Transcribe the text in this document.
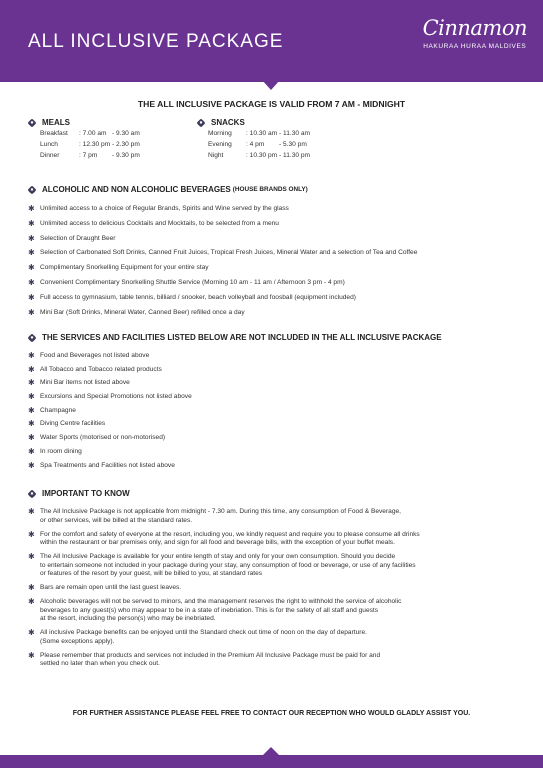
ALL INCLUSIVE PACKAGE
Cinnamon
HAKURAA HURAA MALDIVES
THE ALL INCLUSIVE PACKAGE IS VALID FROM 7 AM - MIDNIGHT
MEALS
Breakfast : 7.00 am   - 9.30 am
Lunch	: 12.30 pm - 2.30 pm
Dinner	: 7 pm        - 9.30 pm
SNACKS
Morning : 10.30 am - 11.30 am
Evening : 4 pm        - 5.30 pm
Night	: 10.30 pm - 11.30 pm
ALCOHOLIC AND NON ALCOHOLIC BEVERAGES (HOUSE BRANDS ONLY)
✱ Unlimited access to a choice of Regular Brands, Spirits and Wine served by the glass
✱ Unlimited access to delicious Cocktails and Mocktails, to be selected from a menu
✱ Selection of Draught Beer
✱ Selection of Carbonated Soft Drinks, Canned Fruit Juices, Tropical Fresh Juices, Mineral Water and a selection of Tea and Coffee
✱ Complimentary Snorkelling Equipment for your entire stay
✱ Convenient Complimentary Snorkelling Shuttle Service (Morning 10 am - 11 am / Afternoon 3 pm - 4 pm)
✱ Full access to gymnasium, table tennis, billiard / snooker, beach volleyball and foosball (equipment included)
✱ Mini Bar (Soft Drinks, Mineral Water, Canned Beer) refilled once a day
THE SERVICES AND FACILITIES LISTED BELOW ARE NOT INCLUDED IN THE ALL INCLUSIVE PACKAGE
✱ Food and Beverages not listed above
✱ All Tobacco and Tobacco related products
✱ Mini Bar items not listed above
✱ Excursions and Special Promotions not listed above
✱ Champagne
✱ Diving Centre facilities
✱ Water Sports (motorised or non-motorised)
✱ In room dining
✱ Spa Treatments and Facilities not listed above
IMPORTANT TO KNOW
✱ The All Inclusive Package is not applicable from midnight - 7.30 am. During this time, any consumption of Food & Beverage,
or other services, will be billed at the standard rates.
✱ For the comfort and safety of everyone at the resort, including you, we kindly request and require you to please consume all drinks
within the restaurant or bar premises only, and sign for all food and beverage bills, with the exception of your buffet meals.
✱ The All Inclusive Package is available for your entire length of stay and only for your own consumption. Should you decide
to entertain someone not included in your package during your stay, any consumption of food or beverage, or use of any facilities
or features of the resort by your guest, will be billed to you, at standard rates
✱ Bars are remain open until the last guest leaves.
✱ Alcoholic beverages will not be served to minors, and the management reserves the right to withhold the service of alcoholic
beverages to any guest(s) who may appear to be in a state of inebriation. This is for the safety of all staff and guests
at the resort, including the person(s) who may be inebriated.
✱ All inclusive Package benefits can be enjoyed until the Standard check out time of noon on the day of departure.
(Some exceptions apply).
✱ Please remember that products and services not included in the Premium All Inclusive Package must be paid for and
settled no later than when you check out.
FOR FURTHER ASSISTANCE PLEASE FEEL FREE TO CONTACT OUR RECEPTION WHO WOULD GLADLY ASSIST YOU.
